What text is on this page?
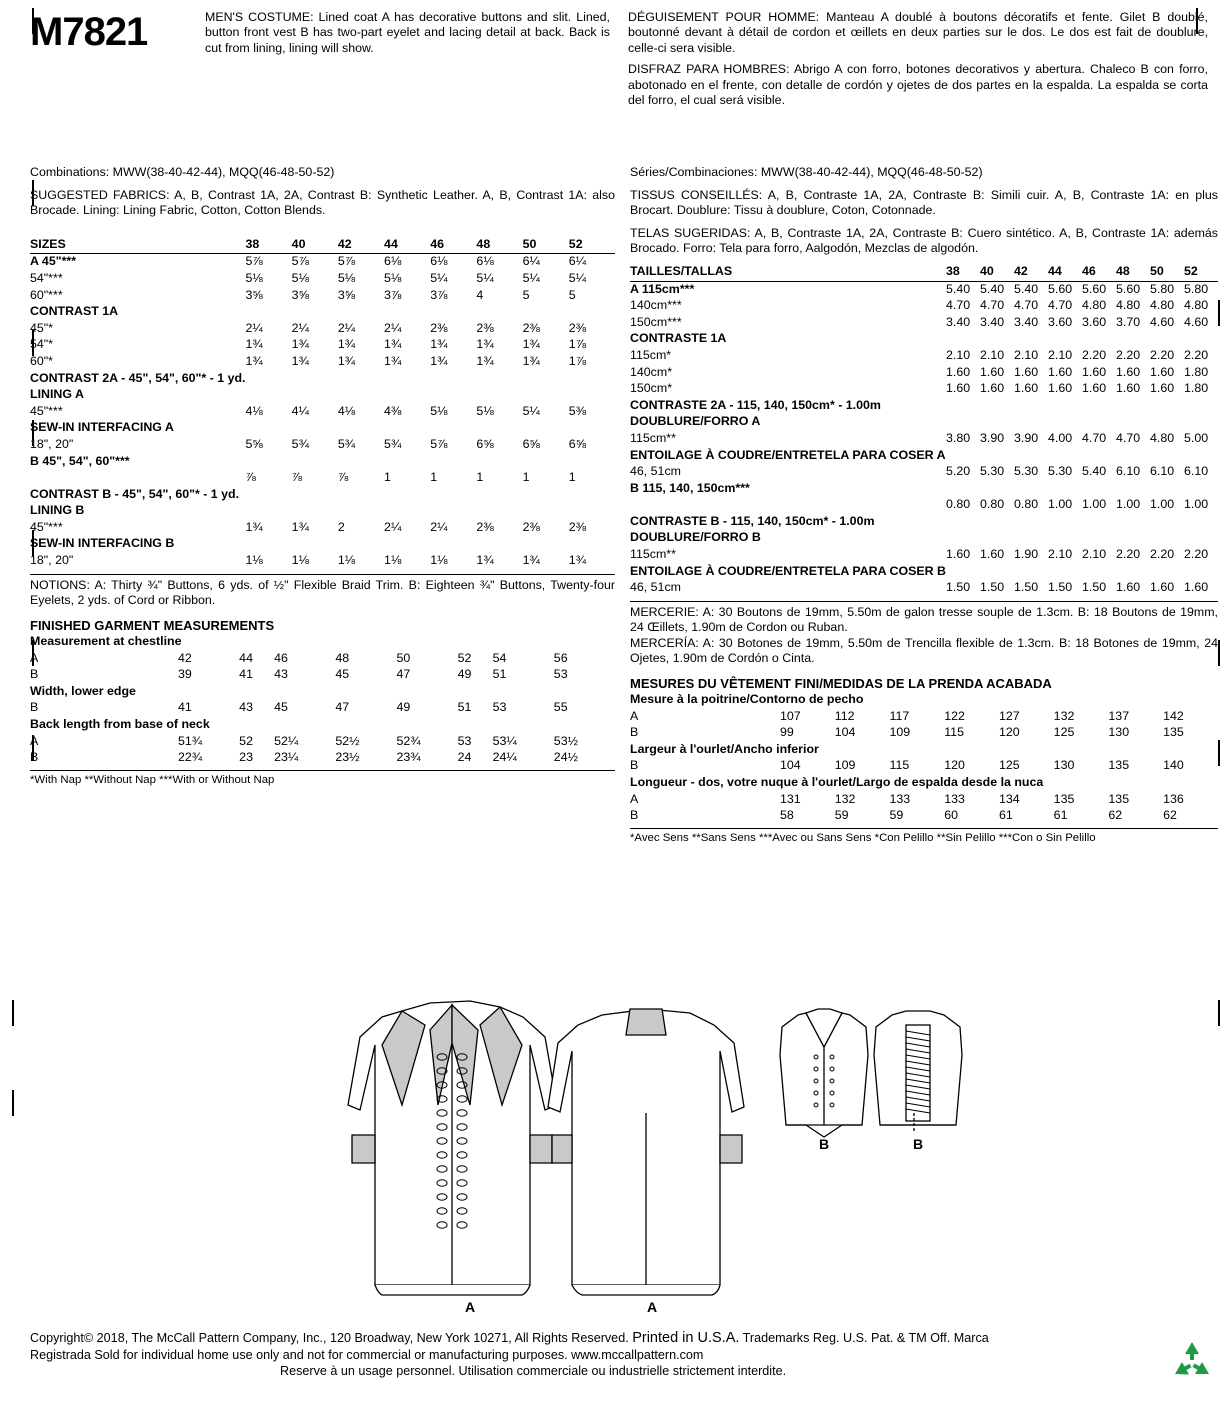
M7821	MEN'S COSTUME: Lined coat A has decorative buttons and slit. Lined, button front vest B has two-part eyelet and lacing detail at back. Back is cut from lining, lining will show.

DÉGUISEMENT POUR HOMME: Manteau A doublé à boutons décoratifs et fente. Gilet B doublé, boutonné devant à détail de cordon et œillets en deux parties sur le dos. Le dos est fait de doublure, celle-ci sera visible.

DISFRAZ PARA HOMBRES: Abrigo A con forro, botones decorativos y abertura. Chaleco B con forro, abotonado en el frente, con detalle de cordón y ojetes de dos partes en la espalda. La espalda se corta del forro, el cual será visible.

Combinations: MWW(38-40-42-44), MQQ(46-48-50-52)
SUGGESTED FABRICS: A, B, Contrast 1A, 2A, Contrast B: Synthetic Leather. A, B, Contrast 1A: also Brocade. Lining: Lining Fabric, Cotton, Cotton Blends.
SIZES	38	40	42	44	46	48	50	52
A 45"***	5⅞	5⅞	5⅞	6⅛	6⅛	6⅛	6¼	6¼
54"***	5⅛	5⅛	5⅛	5⅛	5¼	5¼	5¼	5¼
60"***	3⅝	3⅝	3⅝	3⅞	3⅞	4	5	5
CONTRAST 1A								
45"*	2¼	2¼	2¼	2¼	2⅜	2⅜	2⅜	2⅜
54"*	1¾	1¾	1¾	1¾	1¾	1¾	1¾	1⅞
60"*	1¾	1¾	1¾	1¾	1¾	1¾	1¾	1⅞
CONTRAST 2A - 45", 54", 60"* - 1 yd.								
LINING A								
45"***	4⅛	4¼	4⅛	4⅜	5⅛	5⅛	5¼	5⅜
SEW-IN INTERFACING A								
18", 20"	5⅝	5¾	5¾	5¾	5⅞	6⅝	6⅝	6⅝
B 45", 54", 60"***								
	⅞	⅞	⅞	1	1	1	1	1
CONTRAST B - 45", 54", 60"* - 1 yd.								
LINING B								
45"***	1¾	1¾	2	2¼	2¼	2⅜	2⅜	2⅜
SEW-IN INTERFACING B								
18", 20"	1⅛	1⅛	1⅛	1⅛	1⅛	1¾	1¾	1¾
NOTIONS: A: Thirty ¾" Buttons, 6 yds. of ½" Flexible Braid Trim. B: Eighteen ¾" Buttons, Twenty-four Eyelets, 2 yds. of Cord or Ribbon.
FINISHED GARMENT MEASUREMENTS
Measurement at chestline								
A	42	44	46	48	50	52	54	56
B	39	41	43	45	47	49	51	53
Width, lower edge								
B	41	43	45	47	49	51	53	55
Back length from base of neck								
A	51¾	52	52¼	52½	52¾	53	53¼	53½
B	22¾	23	23¼	23½	23¾	24	24¼	24½
*With Nap **Without Nap ***With or Without Nap
Séries/Combinaciones: MWW(38-40-42-44), MQQ(46-48-50-52)
TISSUS CONSEILLÉS: A, B, Contraste 1A, 2A, Contraste B: Simili cuir. A, B, Contraste 1A: en plus Brocart. Doublure: Tissu à doublure, Coton, Cotonnade.
TELAS SUGERIDAS: A, B, Contraste 1A, 2A, Contraste B: Cuero sintético. A, B, Contraste 1A: además Brocado. Forro: Tela para forro, Aalgodón, Mezclas de algodón.
TAILLES/TALLAS	38	40	42	44	46	48	50	52
A 115cm***	5.40	5.40	5.40	5.60	5.60	5.60	5.80	5.80
140cm***	4.70	4.70	4.70	4.70	4.80	4.80	4.80	4.80
150cm***	3.40	3.40	3.40	3.60	3.60	3.70	4.60	4.60
CONTRASTE 1A								
115cm*	2.10	2.10	2.10	2.10	2.20	2.20	2.20	2.20
140cm*	1.60	1.60	1.60	1.60	1.60	1.60	1.60	1.80
150cm*	1.60	1.60	1.60	1.60	1.60	1.60	1.60	1.80
CONTRASTE 2A - 115, 140, 150cm* - 1.00m								
DOUBLURE/FORRO A								
115cm**	3.80	3.90	3.90	4.00	4.70	4.70	4.80	5.00
ENTOILAGE À COUDRE/ENTRETELA PARA COSER A								
46, 51cm	5.20	5.30	5.30	5.30	5.40	6.10	6.10	6.10
B 115, 140, 150cm***								
	0.80	0.80	0.80	1.00	1.00	1.00	1.00	1.00
CONTRASTE B - 115, 140, 150cm* - 1.00m								
DOUBLURE/FORRO B								
115cm**	1.60	1.60	1.90	2.10	2.10	2.20	2.20	2.20
ENTOILAGE À COUDRE/ENTRETELA PARA COSER B								
46, 51cm	1.50	1.50	1.50	1.50	1.50	1.60	1.60	1.60
MERCERIE: A: 30 Boutons de 19mm, 5.50m de galon tresse souple de 1.3cm. B: 18 Boutons de 19mm, 24 Œillets, 1.90m de Cordon ou Ruban.
MERCERÍA: A: 30 Botones de 19mm, 5.50m de Trencilla flexible de 1.3cm. B: 18 Botones de 19mm, 24 Ojetes, 1.90m de Cordón o Cinta.
MESURES DU VÊTEMENT FINI/MEDIDAS DE LA PRENDA ACABADA
Mesure à la poitrine/Contorno de pecho								
A	107	112	117	122	127	132	137	142
B	99	104	109	115	120	125	130	135
Largeur à l'ourlet/Ancho inferior								
B	104	109	115	120	125	130	135	140
Longueur - dos, votre nuque à l'ourlet/Largo de espalda desde la nuca								
A	131	132	133	133	134	135	135	136
B	58	59	59	60	61	61	62	62
*Avec Sens **Sans Sens ***Avec ou Sans Sens *Con Pelillo **Sin Pelillo ***Con o Sin Pelillo
A	A
B	B
Copyright© 2018, The McCall Pattern Company, Inc., 120 Broadway, New York 10271, All Rights Reserved. Printed in U.S.A. Trademarks Reg. U.S. Pat. & TM Off. Marca
Registrada Sold for individual home use only and not for commercial or manufacturing purposes. www.mccallpattern.com
Reserve à un usage personnel. Utilisation commerciale ou industrielle strictement interdite.
